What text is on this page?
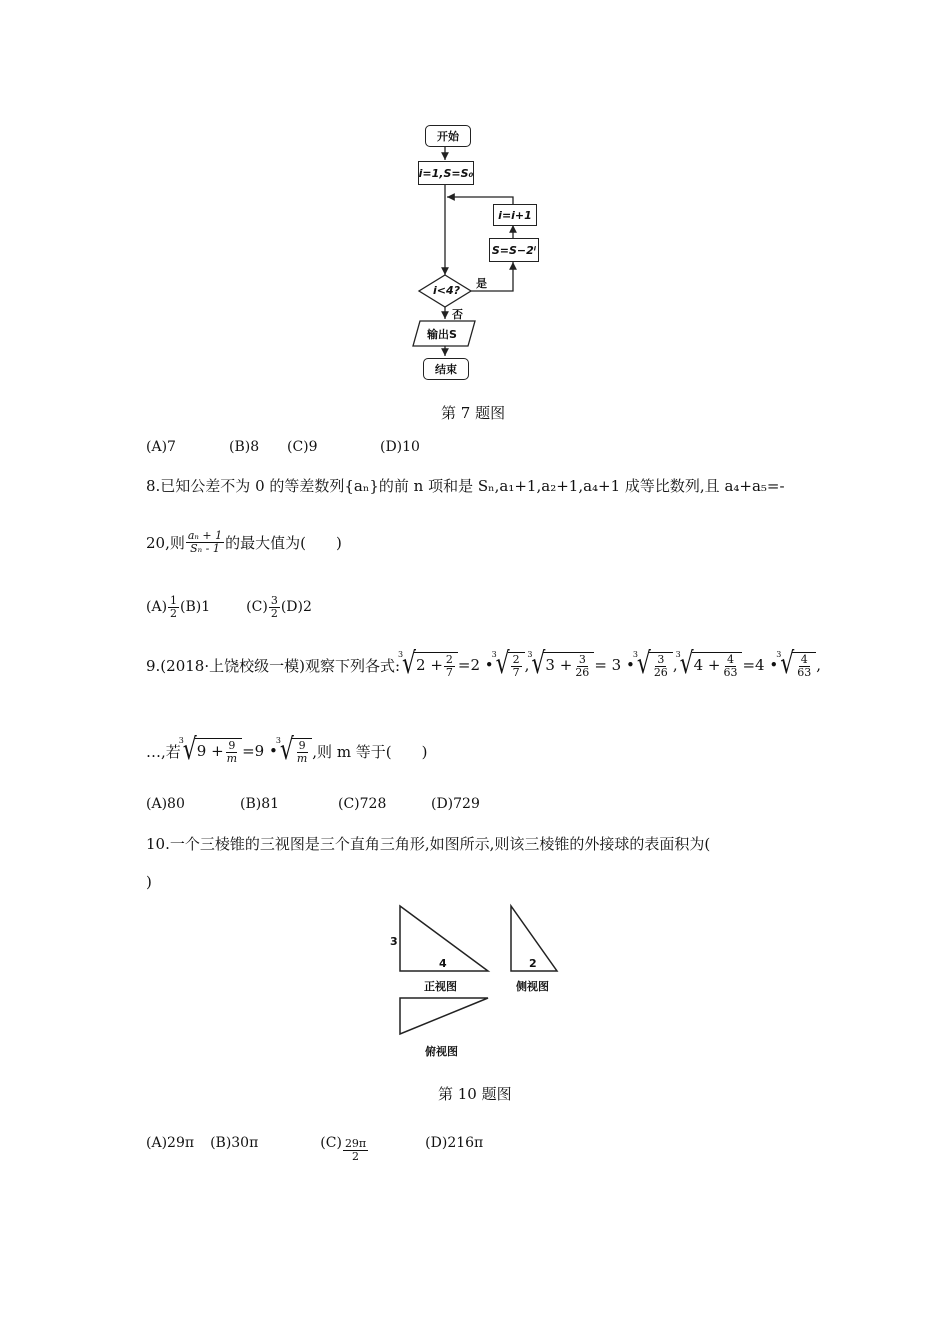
开始
i=1,S=S₀
i=i+1
S=S−2ⁱ
i<4?
是
否
输出S
结束
第 7 题图
(A)7	(B)8 (C)9	(D)10
8.已知公差不为 0 的等差数列{aₙ}的前 n 项和是 Sₙ,a₁+1,a₂+1,a₄+1 成等比数列,且 a₄+a₅=-
20,则 $\frac{\text{aₙ + 1}}{\text{Sₙ - 1}}$ 的最大值为(　　)
$(A) \frac{1}{2} (B)1$	$(C) \frac{3}{2} (D)2$
9.(2018·上饶校级一模)观察下列各式:
3
√ $2 + \frac{2}{7} =2$ •
3
√ $\frac{2}{7}$ ,
3
√ $3 + \frac{3}{26} = 3$ •
3
√ $\frac{3}{26}$ ,
3
√ $4 + \frac{4}{63} =4$ •
3
√ $\frac{4}{63}$ ,
…,若
3
√ $9 + \frac{9}{m} =9$ •
3
√ $\frac{9}{m}$ ,则 m 等于(　　)
(A)80	(B)81	(C)728	(D)729
10.一个三棱锥的三视图是三个直角三角形,如图所示,则该三棱锥的外接球的表面积为(
)
3
4
正视图
2
侧视图
俯视图
第 10 题图
(A)29π (B)30π	$(C) \frac{29\pi}{2}$	(D)216π
